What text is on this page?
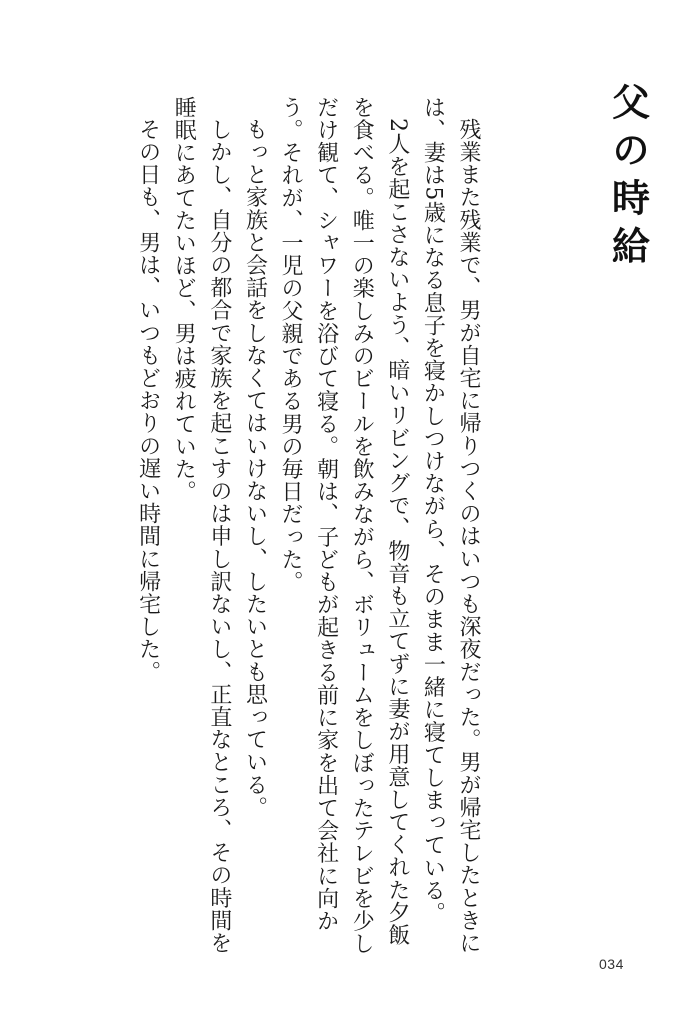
父の時給

残業また残業で、男が自宅に帰りつくのはいつも深夜だった。男が帰宅したときには、妻は5歳になる息子を寝かしつけながら、そのまま一緒に寝てしまっている。

2人を起こさないよう、暗いリビングで、物音も立てずに妻が用意してくれた夕飯を食べる。唯一の楽しみのビールを飲みながら、ボリュームをしぼったテレビを少しだけ観て、シャワーを浴びて寝る。朝は、子どもが起きる前に家を出て会社に向かう。それが、一児の父親である男の毎日だった。

もっと家族と会話をしなくてはいけないし、したいとも思っている。

しかし、自分の都合で家族を起こすのは申し訳ないし、正直なところ、その時間を睡眠にあてたいほど、男は疲れていた。

その日も、男は、いつもどおりの遅い時間に帰宅した。

034
